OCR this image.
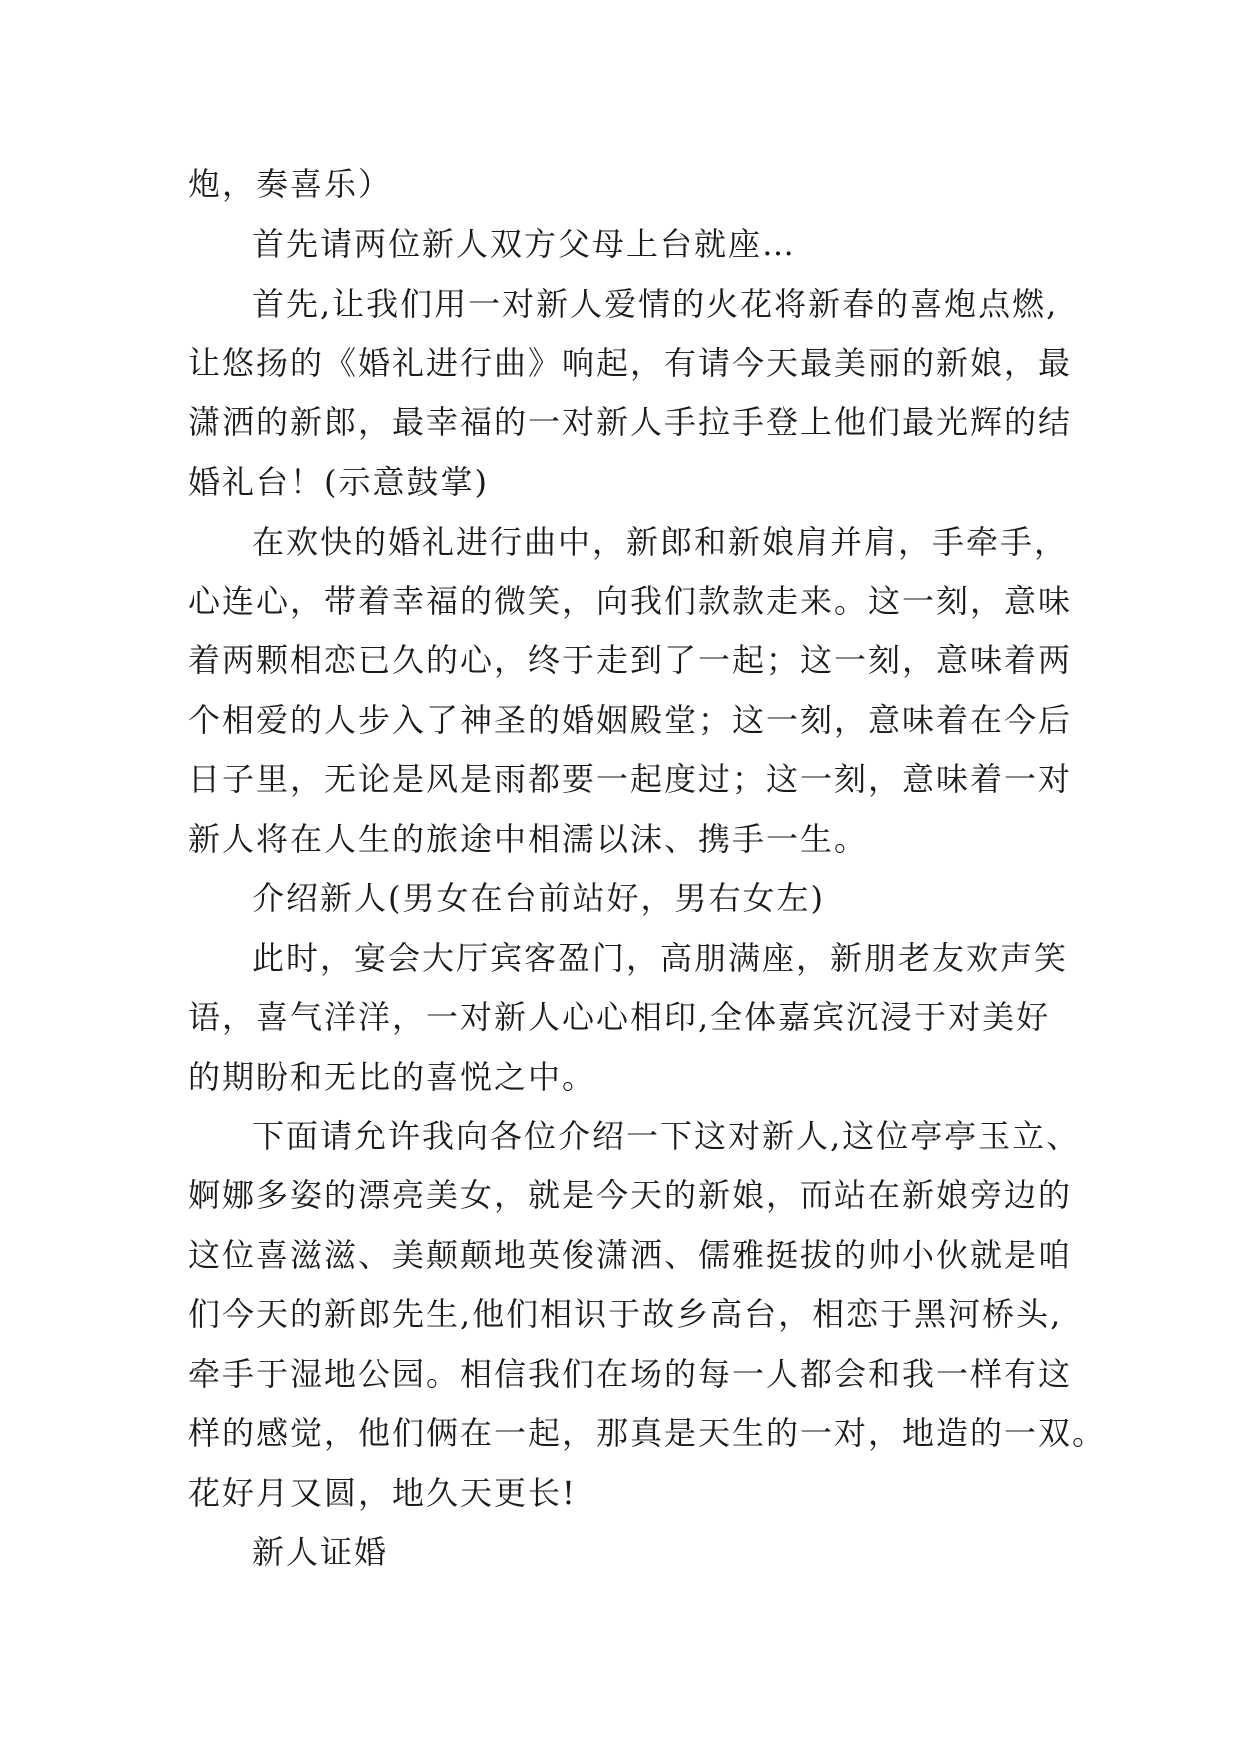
炮，奏喜乐）
首先请两位新人双方父母上台就座…
首先,让我们用一对新人爱情的火花将新春的喜炮点燃,
让悠扬的《婚礼进行曲》响起，有请今天最美丽的新娘，最
潇洒的新郎，最幸福的一对新人手拉手登上他们最光辉的结
婚礼台！(示意鼓掌)
在欢快的婚礼进行曲中，新郎和新娘肩并肩，手牵手，
心连心，带着幸福的微笑，向我们款款走来。这一刻，意味
着两颗相恋已久的心，终于走到了一起；这一刻，意味着两
个相爱的人步入了神圣的婚姻殿堂；这一刻，意味着在今后
日子里，无论是风是雨都要一起度过；这一刻，意味着一对
新人将在人生的旅途中相濡以沫、携手一生。
介绍新人(男女在台前站好，男右女左)
此时，宴会大厅宾客盈门，高朋满座，新朋老友欢声笑
语，喜气洋洋，一对新人心心相印,全体嘉宾沉浸于对美好
的期盼和无比的喜悦之中。
下面请允许我向各位介绍一下这对新人,这位亭亭玉立、
婀娜多姿的漂亮美女，就是今天的新娘，而站在新娘旁边的
这位喜滋滋、美颠颠地英俊潇洒、儒雅挺拔的帅小伙就是咱
们今天的新郎先生,他们相识于故乡高台，相恋于黑河桥头,
牵手于湿地公园。相信我们在场的每一人都会和我一样有这
样的感觉，他们俩在一起，那真是天生的一对，地造的一双。
花好月又圆，地久天更长!
新人证婚
